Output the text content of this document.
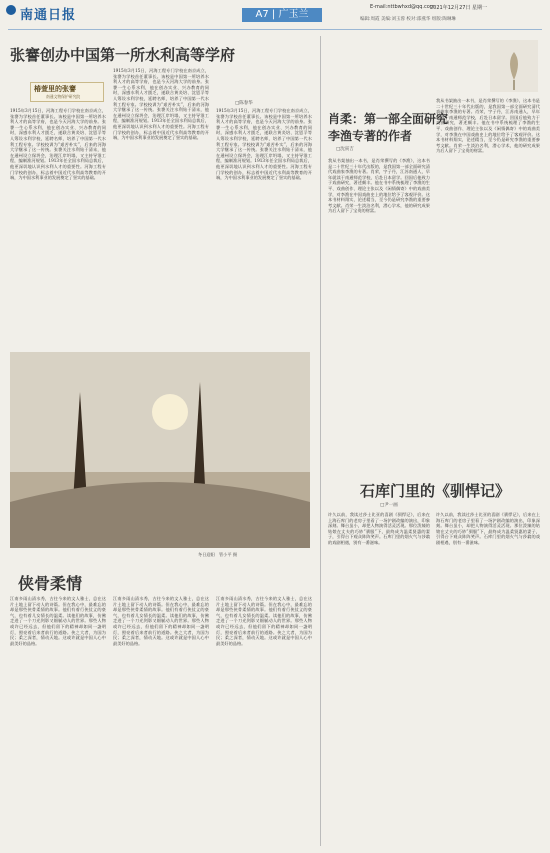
南通日报	A7 | 广玉兰
E-mail:nttbwhxd@qq.com
2021年12月27日 星期一
编辑:周霞 美编:刘玉蓉 校对:邵燕华 组版:陶琳琳
张謇创办中国第一所水利高等学府
椿萱里的张謇
南通文物保护研究院
□陈春华
1915年3月15日，河海工程专门学校在南京成立，张謇为学校首任董事长。该校是中国第一所培养水利人才的高等学府，也是今天河海大学的前身。张謇一生心系水利，他在创办实业、兴办教育的同时，深感水利人才匮乏，遂联合黄炎培、沈恩孚等人筹设水利学校，延聘名师，培养了中国第一代水利工程专家。学校校训为“艰苦朴实”，后来的河海大学继承了这一传统。张謇关注水利始于清末，他在通州设立保坍会，治理江岸坍塌，又主持导淮工程，编制淮河规划。1913年任全国水利局总裁后，他更深切地认识到水利人才的重要性。河海工程专门学校的创办，标志着中国近代水利高等教育的开端，为中国水利事业的发展奠定了坚实的基础。
1915年3月15日，河海工程专门学校在南京成立，张謇为学校首任董事长。该校是中国第一所培养水利人才的高等学府，也是今天河海大学的前身。张謇一生心系水利，他在创办实业、兴办教育的同时，深感水利人才匮乏，遂联合黄炎培、沈恩孚等人筹设水利学校，延聘名师，培养了中国第一代水利工程专家。学校校训为“艰苦朴实”，后来的河海大学继承了这一传统。张謇关注水利始于清末，他在通州设立保坍会，治理江岸坍塌，又主持导淮工程，编制淮河规划。1913年任全国水利局总裁后，他更深切地认识到水利人才的重要性。河海工程专门学校的创办，标志着中国近代水利高等教育的开端，为中国水利事业的发展奠定了坚实的基础。
1915年3月15日，河海工程专门学校在南京成立，张謇为学校首任董事长。该校是中国第一所培养水利人才的高等学府，也是今天河海大学的前身。张謇一生心系水利，他在创办实业、兴办教育的同时，深感水利人才匮乏，遂联合黄炎培、沈恩孚等人筹设水利学校，延聘名师，培养了中国第一代水利工程专家。学校校训为“艰苦朴实”，后来的河海大学继承了这一传统。张謇关注水利始于清末，他在通州设立保坍会，治理江岸坍塌，又主持导淮工程，编制淮河规划。1913年任全国水利局总裁后，他更深切地认识到水利人才的重要性。河海工程专门学校的创办，标志着中国近代水利高等教育的开端，为中国水利事业的发展奠定了坚实的基础。
冬日迎阳　管小平 摄
侠骨柔情
江南多雨山清水秀，古往今来的文人雅士，总在这片土地上留下动人的诗篇。但在我心中，最难忘的却是那些侠骨柔情的故事。他们有着行侠仗义的豪气，也有着儿女情长的温柔。读他们的故事，仿佛走进了一个刀光剑影又细腻动人的世界。那些人物或许已经远去，但他们留下的精神却如同一盏明灯，照亮着后来者前行的道路。侠之大者，为国为民；柔之深者，情动天地。这或许就是中国人心中最美好的品格。
江南多雨山清水秀，古往今来的文人雅士，总在这片土地上留下动人的诗篇。但在我心中，最难忘的却是那些侠骨柔情的故事。他们有着行侠仗义的豪气，也有着儿女情长的温柔。读他们的故事，仿佛走进了一个刀光剑影又细腻动人的世界。那些人物或许已经远去，但他们留下的精神却如同一盏明灯，照亮着后来者前行的道路。侠之大者，为国为民；柔之深者，情动天地。这或许就是中国人心中最美好的品格。
江南多雨山清水秀，古往今来的文人雅士，总在这片土地上留下动人的诗篇。但在我心中，最难忘的却是那些侠骨柔情的故事。他们有着行侠仗义的豪气，也有着儿女情长的温柔。读他们的故事，仿佛走进了一个刀光剑影又细腻动人的世界。那些人物或许已经远去，但他们留下的精神却如同一盏明灯，照亮着后来者前行的道路。侠之大者，为国为民；柔之深者，情动天地。这或许就是中国人心中最美好的品格。
肖柔：第一部全面研究李渔专著的作者
□沈寅吉
我从书架抽出一本书，是肖荣撰写的《李渔》，这本书是二十世纪三十年代出版的，是我国第一部全面研究清代戏曲家李渔的专著。肖荣，字子丹，江苏南通人，早年就读于南通师范学校，后赴日本留学。回国后他致力于戏曲研究，著述颇丰。他在书中系统梳理了李渔的生平、戏曲创作、理论主张以及《闲情偶寄》中的戏曲美学，对李渔在中国戏曲史上的地位给予了客观评价。这本书材料翔实，论述精当，至今仍是研究李渔的重要参考文献。肖荣一生淡泊名利，潜心学术，他的研究成果为后人留下了宝贵的财富。
我从书架抽出一本书，是肖荣撰写的《李渔》，这本书是二十世纪三十年代出版的，是我国第一部全面研究清代戏曲家李渔的专著。肖荣，字子丹，江苏南通人，早年就读于南通师范学校，后赴日本留学。回国后他致力于戏曲研究，著述颇丰。他在书中系统梳理了李渔的生平、戏曲创作、理论主张以及《闲情偶寄》中的戏曲美学，对李渔在中国戏曲史上的地位给予了客观评价。这本书材料翔实，论述精当，至今仍是研究李渔的重要参考文献。肖荣一生淡泊名利，潜心学术，他的研究成果为后人留下了宝贵的财富。
石库门里的《驯悍记》
□尹一画
许久以前，我读过莎士比亚的喜剧《驯悍记》，后来在上海石库门的老房子里看了一场沪剧改编的演出，印象深刻。舞台虽小，却把人物演得活灵活现。那位泼辣的姑娘在丈夫的巧妙“驯服”下，最终成为温柔贤惠的妻子，引得台下观众阵阵笑声。石库门里的烟火气与莎翁的戏剧相遇，别有一番滋味。
许久以前，我读过莎士比亚的喜剧《驯悍记》，后来在上海石库门的老房子里看了一场沪剧改编的演出，印象深刻。舞台虽小，却把人物演得活灵活现。那位泼辣的姑娘在丈夫的巧妙“驯服”下，最终成为温柔贤惠的妻子，引得台下观众阵阵笑声。石库门里的烟火气与莎翁的戏剧相遇，别有一番滋味。
